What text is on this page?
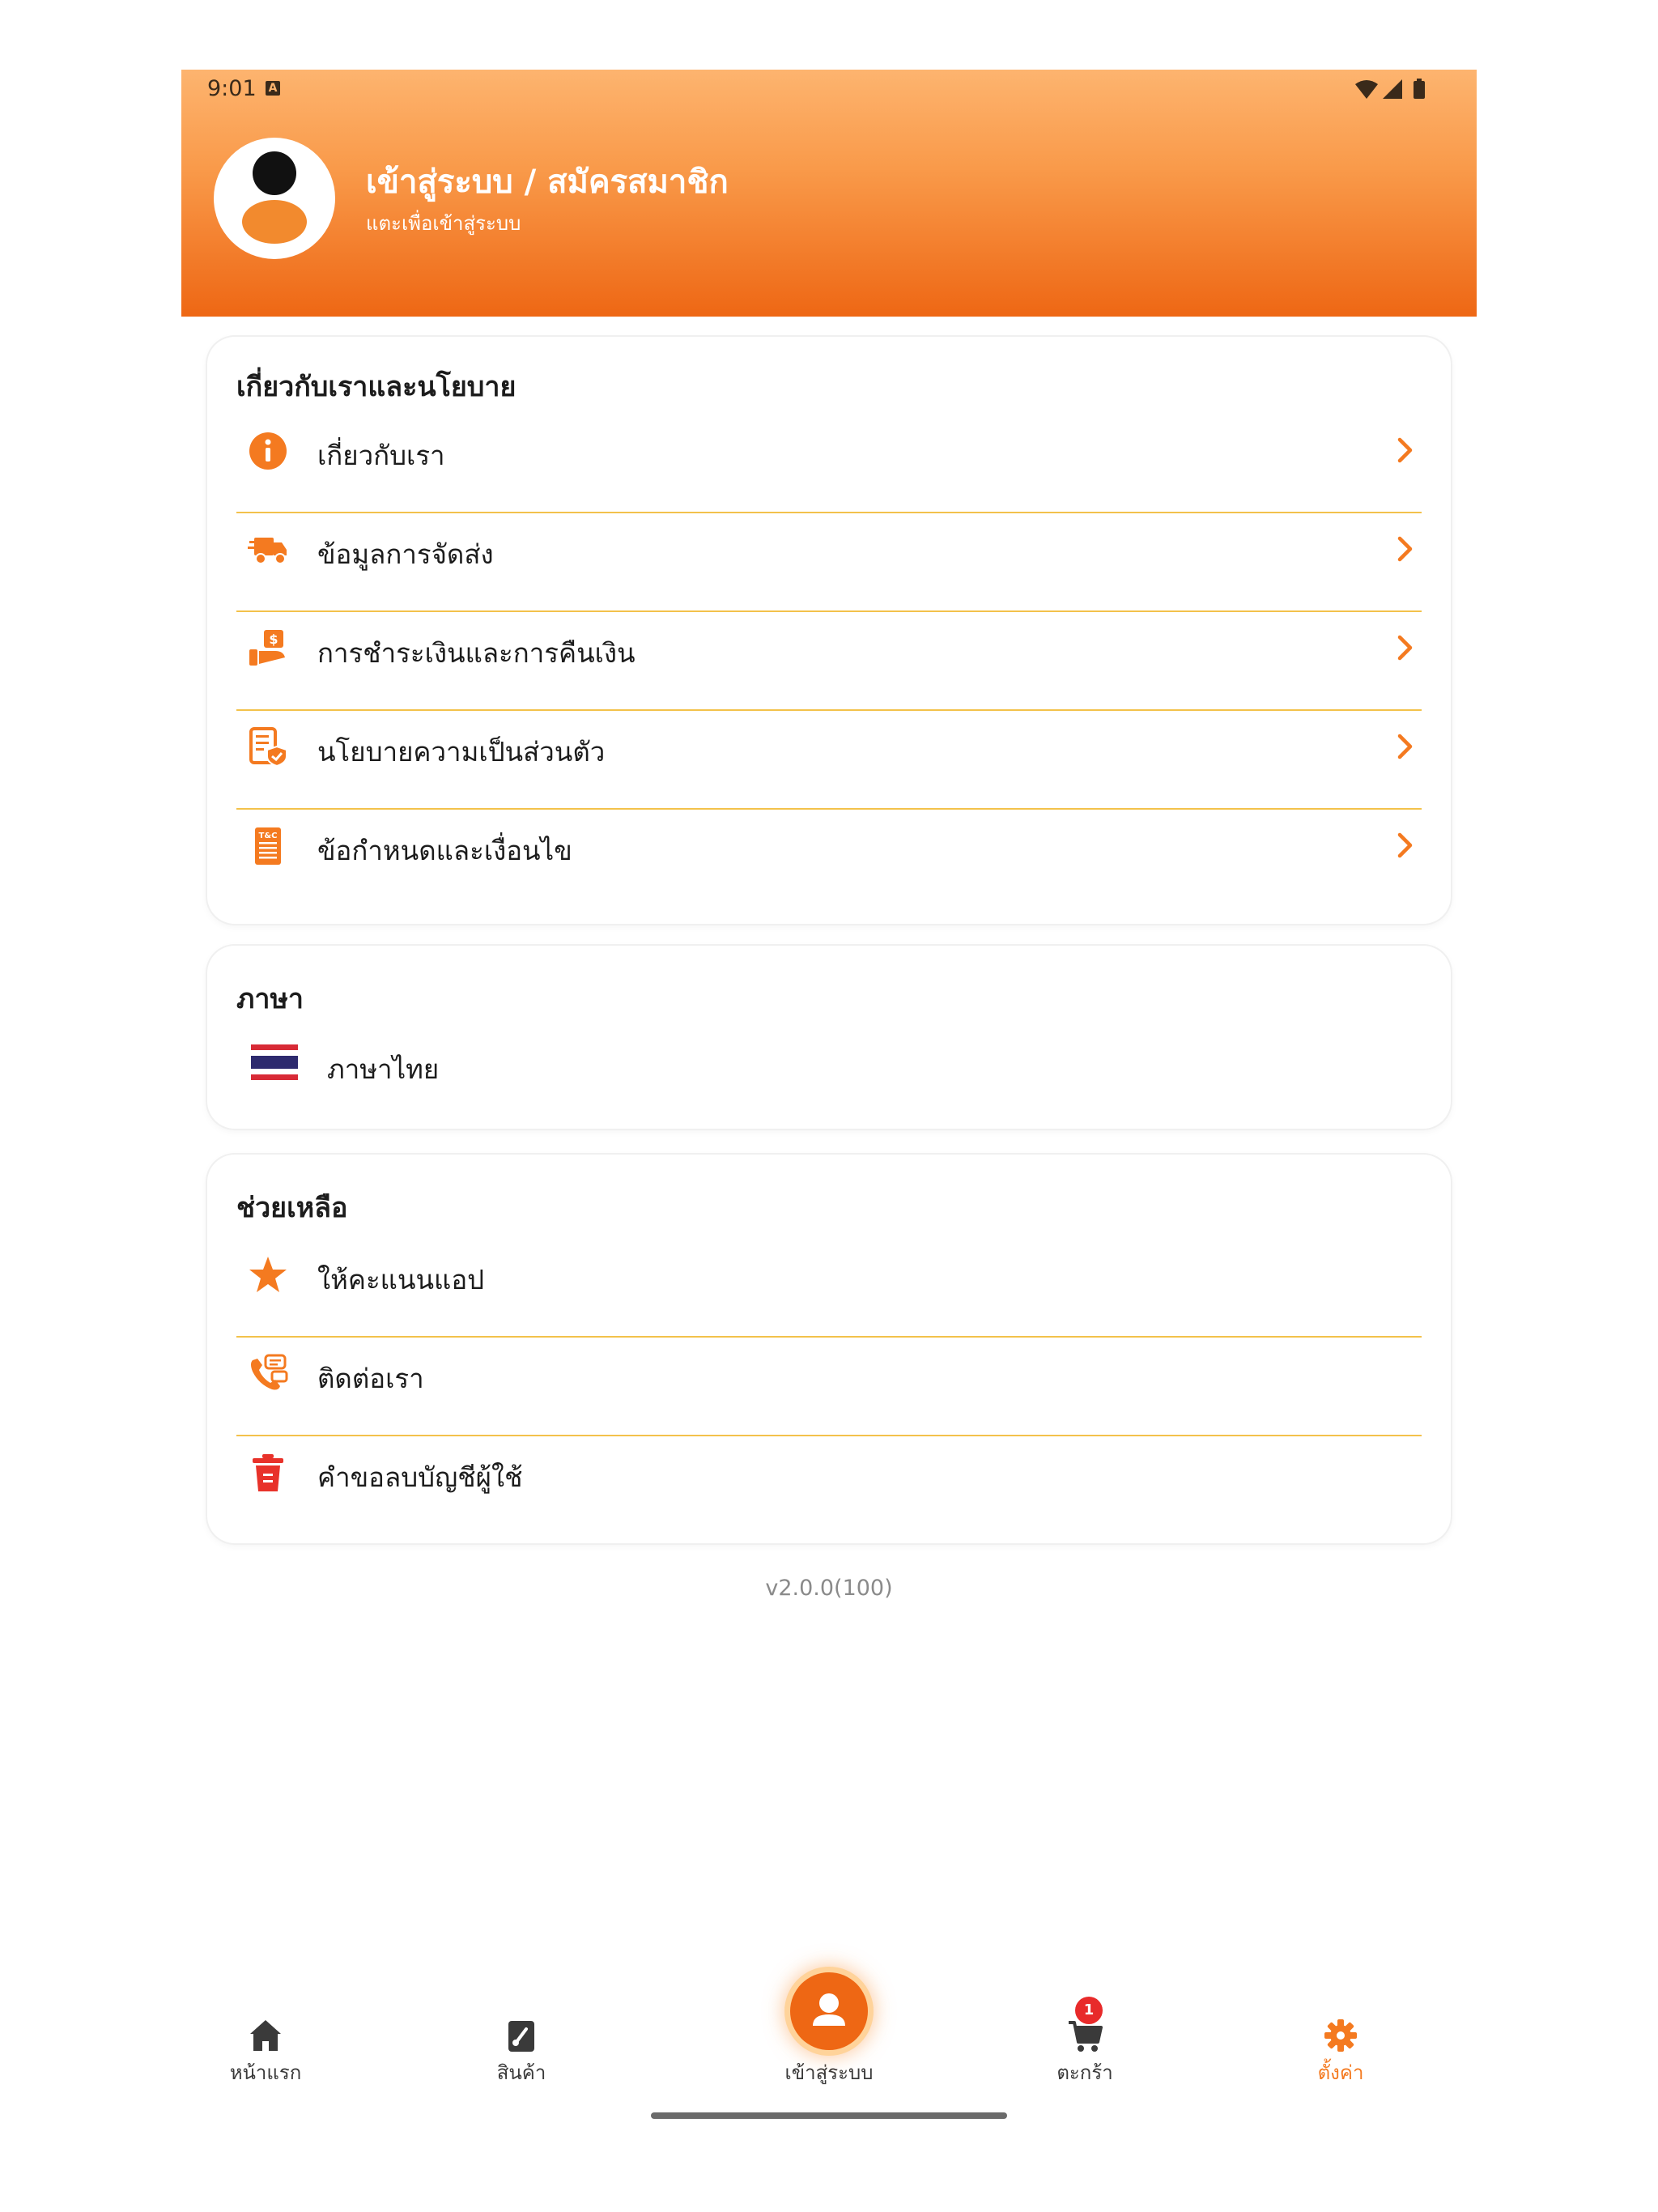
9:01 A
เข้าสู่ระบบ / สมัครสมาชิก
แตะเพื่อเข้าสู่ระบบ
เกี่ยวกับเราและนโยบาย
เกี่ยวกับเรา
ข้อมูลการจัดส่ง
$ การชำระเงินและการคืนเงิน
นโยบายความเป็นส่วนตัว
T&C ข้อกำหนดและเงื่อนไข
ภาษา
ภาษาไทย
ช่วยเหลือ
ให้คะแนนแอป
ติดต่อเรา
คำขอลบบัญชีผู้ใช้
v2.0.0(100)
หน้าแรก	สินค้า	เข้าสู่ระบบ
1
ตะกร้า	ตั้งค่า
